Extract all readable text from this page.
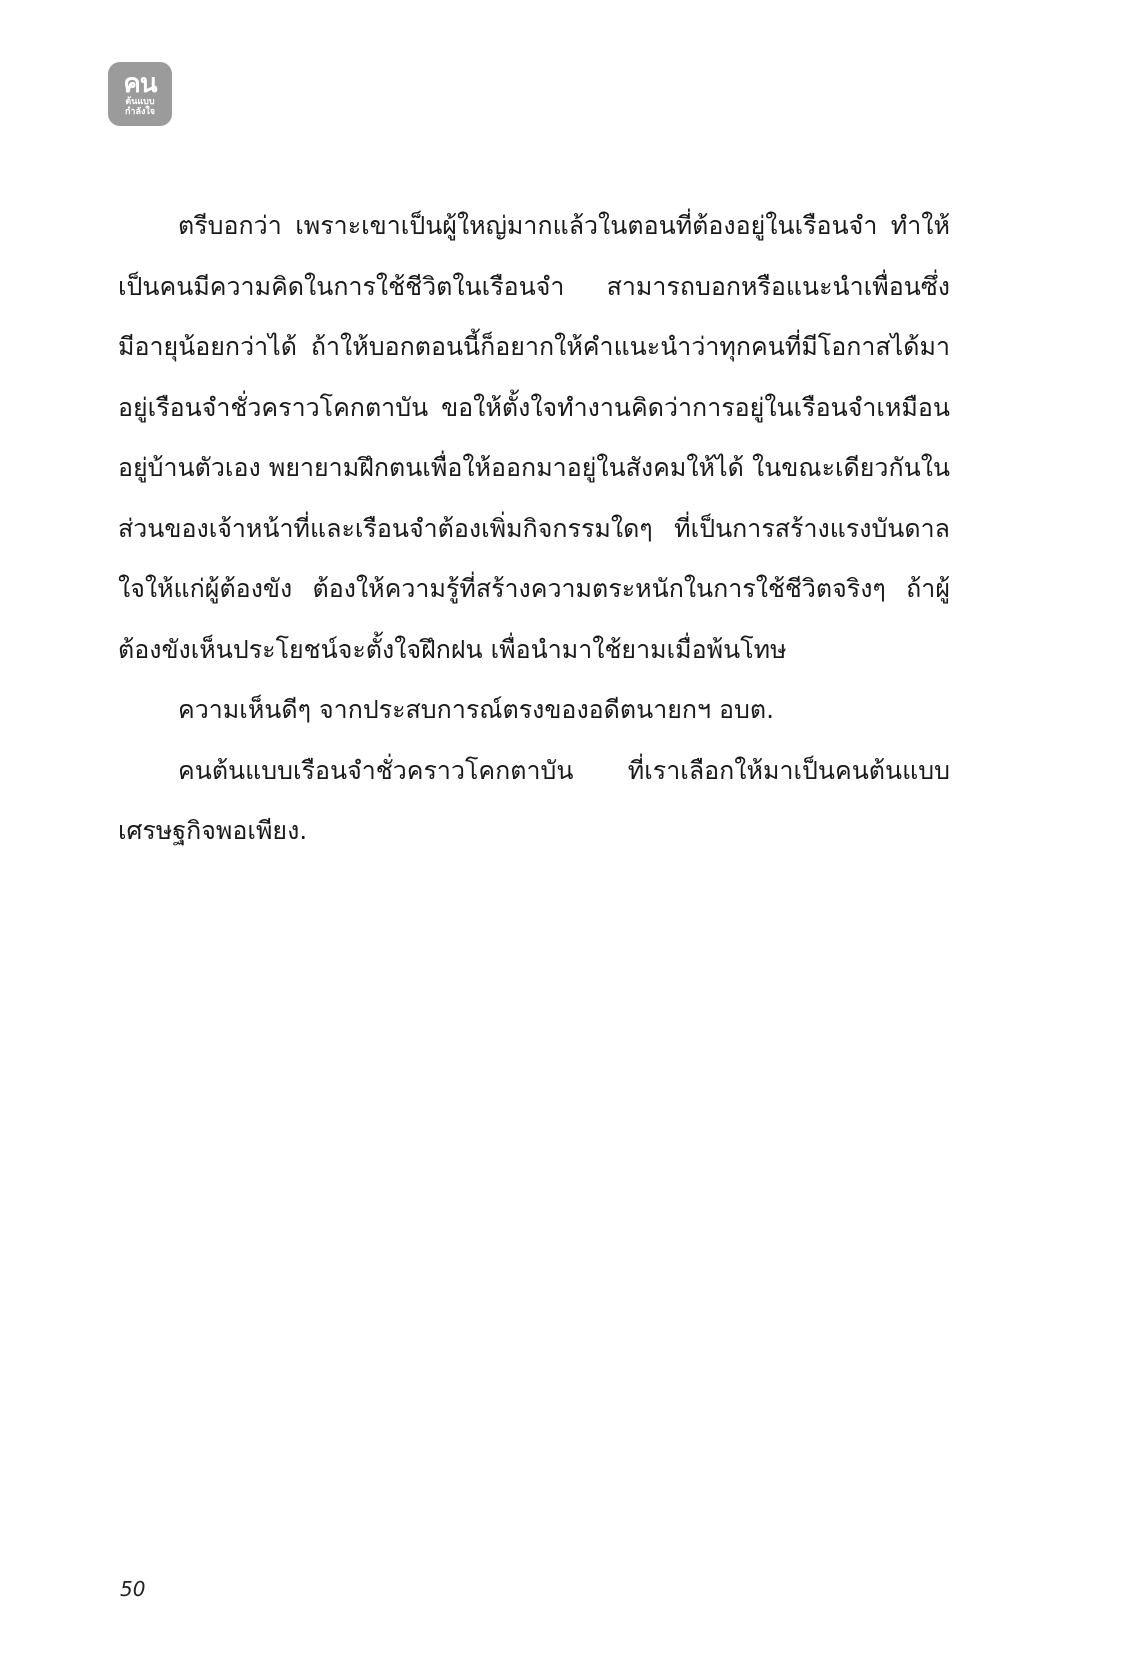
คน
ต้นแบบ
กำลังใจ

ตรีบอกว่า เพราะเขาเป็นผู้ใหญ่มากแล้วในตอนที่ต้องอยู่ในเรือนจำ ทำให้เป็นคนมีความคิดในการใช้ชีวิตในเรือนจำ สามารถบอกหรือแนะนำเพื่อนซึ่งมีอายุน้อยกว่าได้ ถ้าให้บอกตอนนี้ก็อยากให้คำแนะนำว่าทุกคนที่มีโอกาสได้มาอยู่เรือนจำชั่วคราวโคกตาบัน ขอให้ตั้งใจทำงานคิดว่าการอยู่ในเรือนจำเหมือนอยู่บ้านตัวเอง พยายามฝึกตนเพื่อให้ออกมาอยู่ในสังคมให้ได้ ในขณะเดียวกันในส่วนของเจ้าหน้าที่และเรือนจำต้องเพิ่มกิจกรรมใดๆ ที่เป็นการสร้างแรงบันดาลใจให้แก่ผู้ต้องขัง ต้องให้ความรู้ที่สร้างความตระหนักในการใช้ชีวิตจริงๆ ถ้าผู้ต้องขังเห็นประโยชน์จะตั้งใจฝึกฝน เพื่อนำมาใช้ยามเมื่อพ้นโทษ

ความเห็นดีๆ จากประสบการณ์ตรงของอดีตนายกฯ อบต.

คนต้นแบบเรือนจำชั่วคราวโคกตาบัน ที่เราเลือกให้มาเป็นคนต้นแบบเศรษฐกิจพอเพียง.

50
